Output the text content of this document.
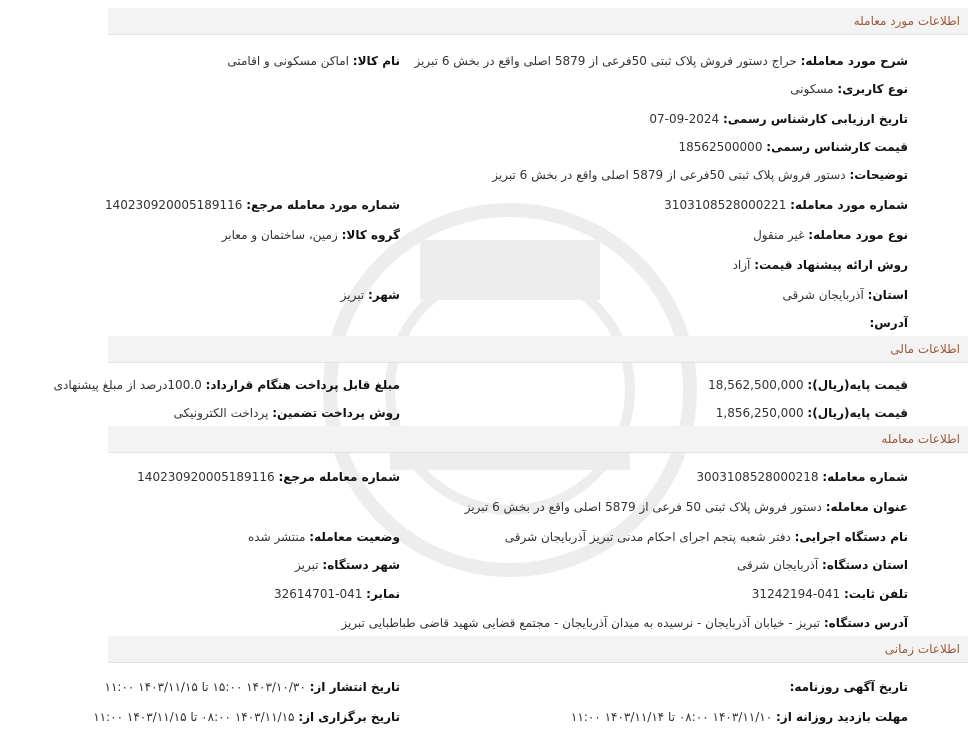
اطلاعات مورد معامله
شرح مورد معامله: حراج دستور فروش پلاک ثبتی 50فرعی از 5879 اصلی واقع در بخش 6 تبریز
نام کالا: اماکن مسکونی و اقامتی
نوع کاربری: مسکونی
تاریخ ارزیابی کارشناس رسمی: 2024-09-07
قیمت کارشناس رسمی: 18562500000
توضیحات: دستور فروش پلاک ثبتی 50فرعی از 5879 اصلی واقع در بخش 6 تبریز
شماره مورد معامله: 3103108528000221
شماره مورد معامله مرجع: 140230920005189116
نوع مورد معامله: غیر منقول
گروه کالا: زمین، ساختمان و معابر
روش ارائه پیشنهاد قیمت: آزاد
استان: آذربایجان شرقی
شهر: تبریز
آدرس:
اطلاعات مالی
قیمت پایه(ریال): 18,562,500,000
مبلغ قابل پرداخت هنگام قرارداد: 100.0درصد از مبلغ پیشنهادی
قیمت پایه(ریال): 1,856,250,000
روش پرداخت تضمین: پرداخت الکترونیکی
اطلاعات معامله
شماره معامله: 3003108528000218
شماره معامله مرجع: 140230920005189116
عنوان معامله: دستور فروش پلاک ثبتی 50 فرعی از 5879 اصلی واقع در بخش 6 تبریز
نام دستگاه اجرایی: دفتر شعبه پنجم اجرای احکام مدنی تبریز آذربایجان شرقی
وضعیت معامله: منتشر شده
استان دستگاه: آذربایجان شرقی
شهر دستگاه: تبریز
تلفن ثابت: 041-31242194
نمابر: 041-32614701
آدرس دستگاه: تبریز - خیابان آذربایجان - نرسیده به میدان آذربایجان - مجتمع قضایی شهید قاضی طباطبایی تبریز
اطلاعات زمانی
تاریخ آگهی روزنامه:
تاریخ انتشار از: ۱۴۰۳/۱۰/۳۰ ۱۵:۰۰ تا ۱۴۰۳/۱۱/۱۵ ۱۱:۰۰
مهلت بازدید روزانه از: ۱۴۰۳/۱۱/۱۰ ۰۸:۰۰ تا ۱۴۰۳/۱۱/۱۴ ۱۱:۰۰
تاریخ برگزاری از: ۱۴۰۳/۱۱/۱۵ ۰۸:۰۰ تا ۱۴۰۳/۱۱/۱۵ ۱۱:۰۰
